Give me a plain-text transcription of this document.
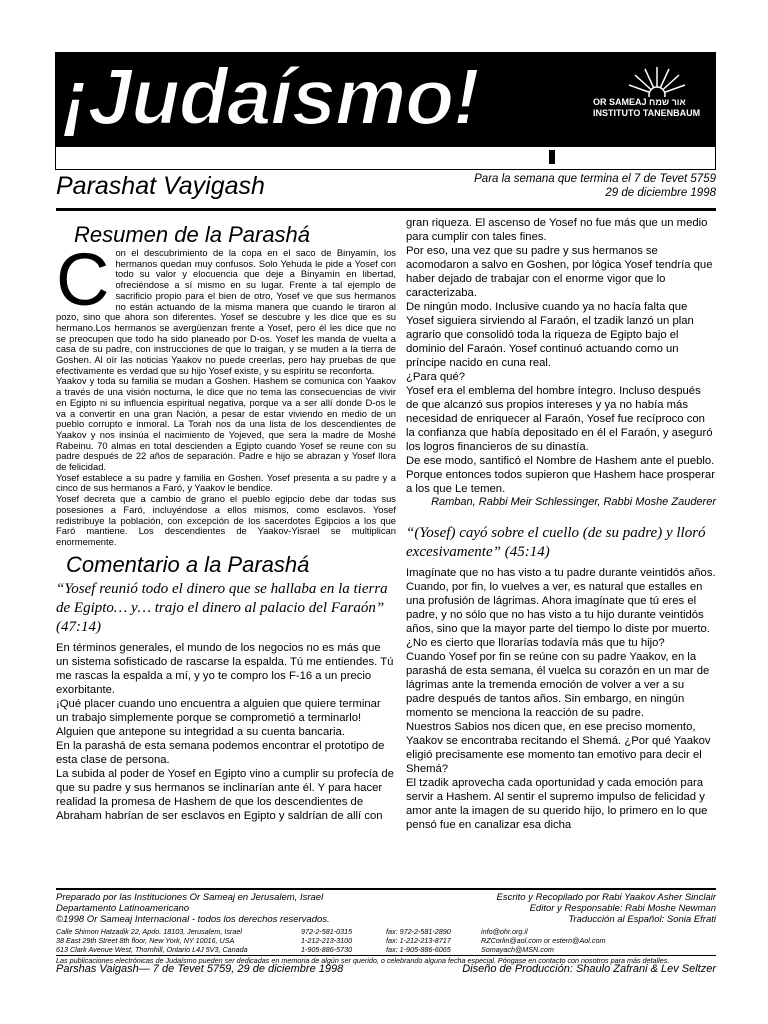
¡Judaísmo!	OR SAMEAJ אור שמח
INSTITUTO TANENBAUM
Parashat Vayigash	Para la semana que termina el 7 de Tevet 5759
29 de diciembre 1998
Resumen de la Parashá
C on el descubrimiento de la copa en el saco de Binyamín, los hermanos quedan muy confusos. Solo Yehuda le pide a Yosef con todo su valor y elocuencia que deje a Binyamín en libertad, ofreciéndose a sí mismo en su lugar. Frente a tal ejemplo de sacrificio propio para el bien de otro, Yosef ve que sus hermanos no están actuando de la misma manera que cuando le tiraron al pozo, sino que ahora son diferentes. Yosef se descubre y les dice que es su hermano.Los hermanos se avergüenzan frente a Yosef, pero él les dice que no se preocupen que todo ha sido planeado por D-os. Yosef les manda de vuelta a casa de su padre, con instrucciones de que lo traigan, y se muden a la tierra de Goshen. Al oír las noticias Yaakov no puede creerlas, pero hay pruebas de que efectivamente es verdad que su hijo Yosef existe, y su espíritu se reconforta.

Yaakov y toda su familia se mudan a Goshen. Hashem se comunica con Yaakov a través de una visión nocturna, le dice que no tema las consecuencias de vivir en Egipto ni su influencia espiritual negativa, porque va a ser allí donde D-os le va a convertir en una gran Nación, a pesar de estar viviendo en medio de un pueblo corrupto e inmoral. La Torah nos da una lista de los descendientes de Yaakov y nos insinúa el nacimiento de Yojeved, que sera la madre de Moshé Rabeinu. 70 almas en total descienden a Egipto cuando Yosef se reune con su padre después de 22 años de separación. Padre e hijo se abrazan y Yosef llora de felicidad.

Yosef establece a su padre y familia en Goshen. Yosef presenta a su padre y a cinco de sus hermanos a Faró, y Yaakov le bendice.

Yosef decreta que a cambio de grano el pueblo egipcio debe dar todas sus posesiones a Faró, incluyéndose a ellos mismos, como esclavos. Yosef redistribuye la población, con excepción de los sacerdotes Egipcios a los que Faró mantiene. Los descendientes de Yaakov-Yisrael se multiplican enormemente.

Comentario a la Parashá

“Yosef reunió todo el dinero que se hallaba en la tierra de Egipto… y… trajo el dinero al palacio del Faraón” (47:14)

En términos generales, el mundo de los negocios no es más que un sistema sofisticado de rascarse la espalda. Tú me entiendes. Tú me rascas la espalda a mí, y yo te compro los F-16 a un precio exorbitante.

¡Qué placer cuando uno encuentra a alguien que quiere terminar un trabajo simplemente porque se comprometió a terminarlo! Alguien que antepone su integridad a su cuenta bancaria.

En la parashá de esta semana podemos encontrar el prototipo de esta clase de persona.

La subida al poder de Yosef en Egipto vino a cumplir su profecía de que su padre y sus hermanos se inclinarían ante él. Y para hacer realidad la promesa de Hashem de que los descendientes de Abraham habrían de ser esclavos en Egipto y saldrían de allí con

gran riqueza. El ascenso de Yosef no fue más que un medio para cumplir con tales fines.

Por eso, una vez que su padre y sus hermanos se acomodaron a salvo en Goshen, por lógica Yosef tendría que haber dejado de trabajar con el enorme vigor que lo caracterizaba.

De ningún modo. Inclusive cuando ya no hacía falta que Yosef siguiera sirviendo al Faraón, el tzadik lanzó un plan agrario que consolidó toda la riqueza de Egipto bajo el dominio del Faraón. Yosef continuó actuando como un príncipe nacido en cuna real.

¿Para qué?

Yosef era el emblema del hombre íntegro. Incluso después de que alcanzó sus propios intereses y ya no había más necesidad de enriquecer al Faraón, Yosef fue recíproco con la confianza que había depositado en él el Faraón, y aseguró los logros financieros de su dinastía.

De ese modo, santificó el Nombre de Hashem ante el pueblo. Porque entonces todos supieron que Hashem hace prosperar a los que Le temen.

Ramban, Rabbi Meir Schlessinger, Rabbi Moshe Zauderer

“(Yosef) cayó sobre el cuello (de su padre) y lloró excesivamente” (45:14)

Imagínate que no has visto a tu padre durante veintidós años. Cuando, por fin, lo vuelves a ver, es natural que estalles en una profusión de lágrimas. Ahora imagínate que tú eres el padre, y no sólo que no has visto a tu hijo durante veintidós años, sino que la mayor parte del tiempo lo diste por muerto. ¿No es cierto que llorarías todavía más que tu hijo?

Cuando Yosef por fin se reúne con su padre Yaakov, en la parashá de esta semana, él vuelca su corazón en un mar de lágrimas ante la tremenda emoción de volver a ver a su padre después de tantos años. Sin embargo, en ningún momento se menciona la reacción de su padre.

Nuestros Sabios nos dicen que, en ese preciso momento, Yaakov se encontraba recitando el Shemá. ¿Por qué Yaakov eligió precisamente ese momento tan emotivo para decir el Shemá?

El tzadik aprovecha cada oportunidad y cada emoción para servir a Hashem. Al sentir el supremo impulso de felicidad y amor ante la imagen de su querido hijo, lo primero en lo que pensó fue en canalizar esa dicha

Preparado por las Instituciones Or Sameaj en Jerusalem, Israel
Departamento Latinoamericano
©1998 Or Sameaj Internacional - todos los derechos reservados.
Escrito y Recopilado por Rabi Yaakov Asher Sinclair
Editor y Responsable: Rabi Moshe Newman
Traducción al Español: Sonia Efrati
Calle Shimon Hatzadik 22, Apdo. 18103, Jerusalem, Israel	972-2-581-0315	fax: 972-2-581-2890	info@ohr.org.il
38 East 29th Street 8th floor, New York, NY 10016, USA	1-212-213-3100	fax: 1-212-213-8717	RZCorlin@aol.com or estern@Aol.com
613 Clark Avenue West, Thornhill, Ontario L4J 5V3, Canada	1-905-886-5730	fax: 1-905-886-6065	Somayach@MSN.com
Las publicaciones electrónicas de Judaísmo pueden ser dedicadas en memoria de algún ser querido, o celebrando alguna fecha especial. Póngase en contacto con nosotros para más detalles.
Parshas Vaigash— 7 de Tevet 5759, 29 de diciembre 1998	Diseño de Producción: Shaulo Zafrani & Lev Seltzer
